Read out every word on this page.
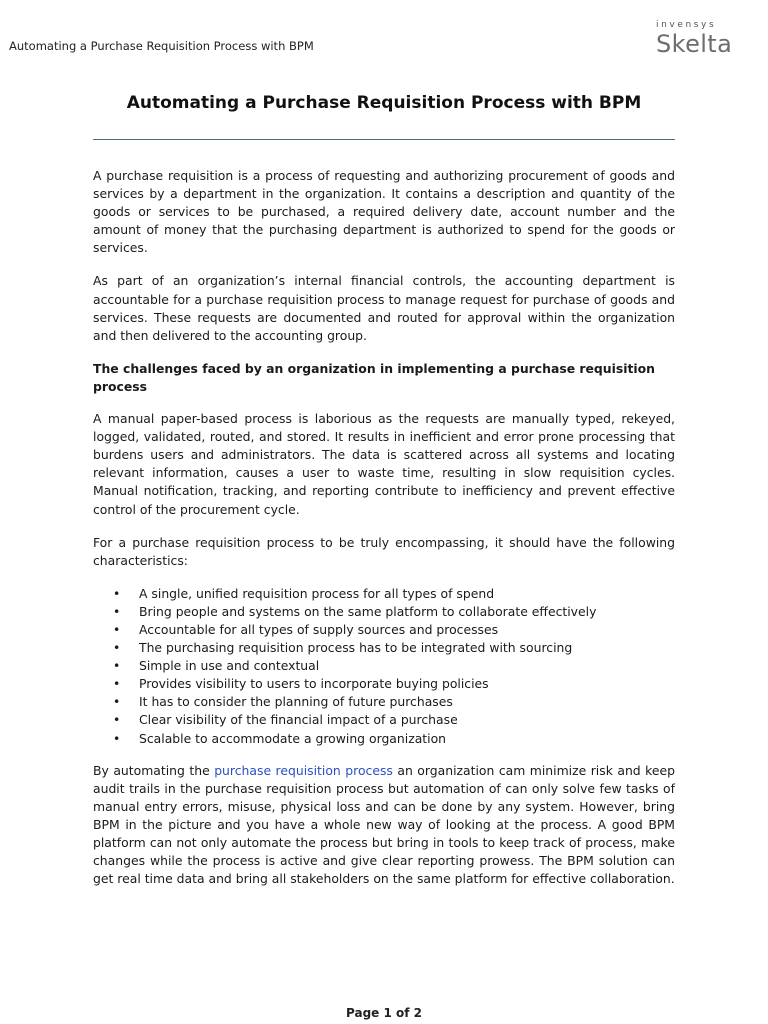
Automating a Purchase Requisition Process with BPM
invensys
Skelta
Automating a Purchase Requisition Process with BPM

A purchase requisition is a process of requesting and authorizing procurement of goods and services by a department in the organization. It contains a description and quantity of the goods or services to be purchased, a required delivery date, account number and the amount of money that the purchasing department is authorized to spend for the goods or services.

As part of an organization’s internal financial controls, the accounting department is accountable for a purchase requisition process to manage request for purchase of goods and services. These requests are documented and routed for approval within the organization and then delivered to the accounting group.

The challenges faced by an organization in implementing a purchase requisition process

A manual paper-based process is laborious as the requests are manually typed, rekeyed, logged, validated, routed, and stored. It results in inefficient and error prone processing that burdens users and administrators. The data is scattered across all systems and locating relevant information, causes a user to waste time, resulting in slow requisition cycles. Manual notification, tracking, and reporting contribute to inefficiency and prevent effective control of the procurement cycle.

For a purchase requisition process to be truly encompassing, it should have the following characteristics:

• A single, unified requisition process for all types of spend
• Bring people and systems on the same platform to collaborate effectively
• Accountable for all types of supply sources and processes
• The purchasing requisition process has to be integrated with sourcing
• Simple in use and contextual
• Provides visibility to users to incorporate buying policies
• It has to consider the planning of future purchases
• Clear visibility of the financial impact of a purchase
• Scalable to accommodate a growing organization

By automating the purchase requisition process an organization cam minimize risk and keep audit trails in the purchase requisition process but automation of can only solve few tasks of manual entry errors, misuse, physical loss and can be done by any system. However, bring BPM in the picture and you have a whole new way of looking at the process. A good BPM platform can not only automate the process but bring in tools to keep track of process, make changes while the process is active and give clear reporting prowess. The BPM solution can get real time data and bring all stakeholders on the same platform for effective collaboration.

Page 1 of 2
